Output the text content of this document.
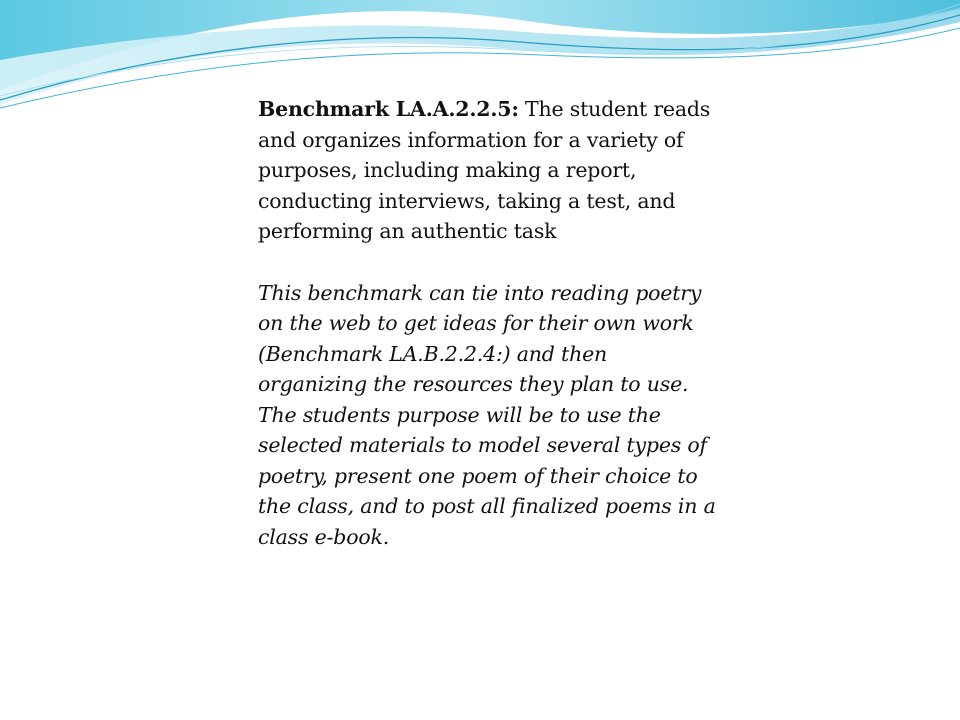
Benchmark LA.A.2.2.5: The student reads and organizes information for a variety of purposes, including making a report, conducting interviews, taking a test, and performing an authentic task

This benchmark can tie into reading poetry on the web to get ideas for their own work (Benchmark LA.B.2.2.4:) and then organizing the resources they plan to use. The students purpose will be to use the selected materials to model several types of poetry, present one poem of their choice to the class, and to post all finalized poems in a class e-book.
